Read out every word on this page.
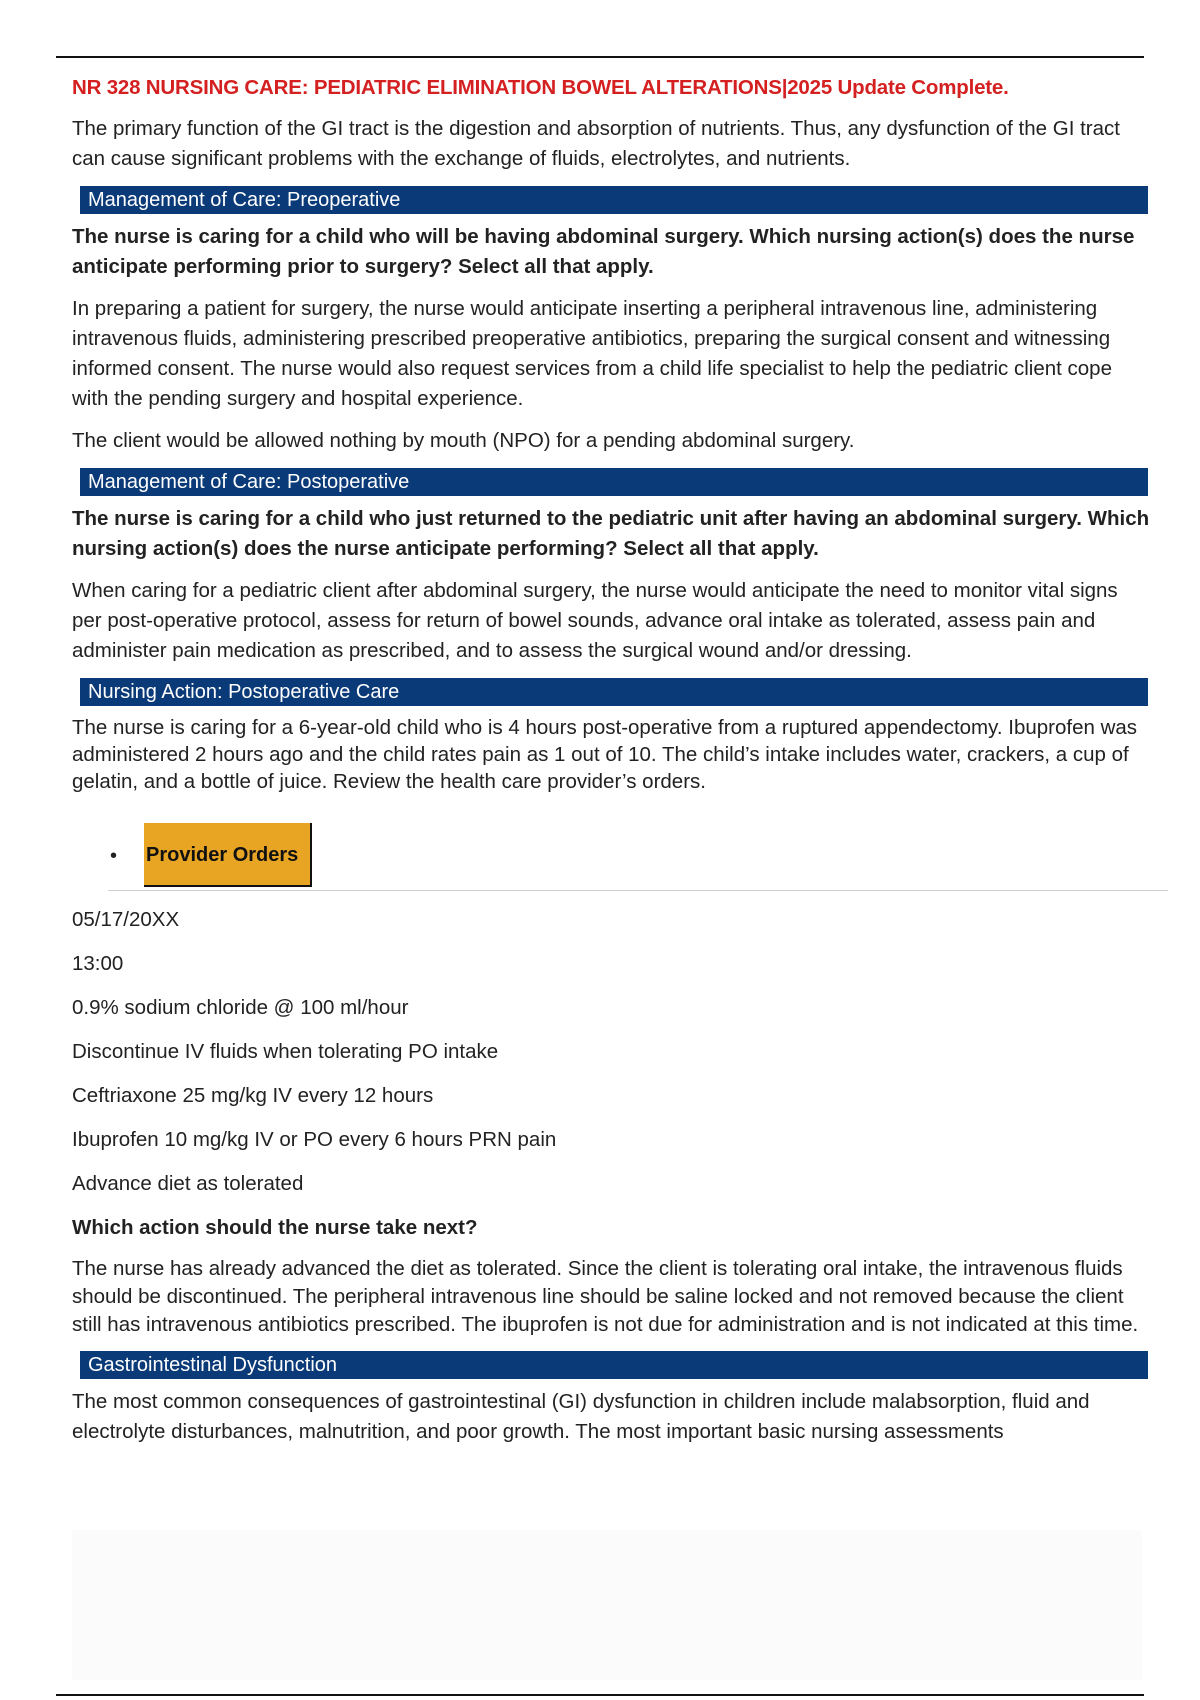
NR 328 NURSING CARE: PEDIATRIC ELIMINATION BOWEL ALTERATIONS|2025 Update Complete.

The primary function of the GI tract is the digestion and absorption of nutrients. Thus, any dysfunction of the GI tract can cause significant problems with the exchange of fluids, electrolytes, and nutrients.

Management of Care: Preoperative

The nurse is caring for a child who will be having abdominal surgery. Which nursing action(s) does the nurse anticipate performing prior to surgery? Select all that apply.

In preparing a patient for surgery, the nurse would anticipate inserting a peripheral intravenous line, administering intravenous fluids, administering prescribed preoperative antibiotics, preparing the surgical consent and witnessing informed consent. The nurse would also request services from a child life specialist to help the pediatric client cope with the pending surgery and hospital experience.

The client would be allowed nothing by mouth (NPO) for a pending abdominal surgery.

Management of Care: Postoperative

The nurse is caring for a child who just returned to the pediatric unit after having an abdominal surgery. Which nursing action(s) does the nurse anticipate performing? Select all that apply.

When caring for a pediatric client after abdominal surgery, the nurse would anticipate the need to monitor vital signs per post-operative protocol, assess for return of bowel sounds, advance oral intake as tolerated, assess pain and administer pain medication as prescribed, and to assess the surgical wound and/or dressing.

Nursing Action: Postoperative Care

The nurse is caring for a 6-year-old child who is 4 hours post-operative from a ruptured appendectomy. Ibuprofen was administered 2 hours ago and the child rates pain as 1 out of 10. The child’s intake includes water, crackers, a cup of gelatin, and a bottle of juice. Review the health care provider’s orders.

• Provider Orders

05/17/20XX

13:00

0.9% sodium chloride @ 100 ml/hour

Discontinue IV fluids when tolerating PO intake

Ceftriaxone 25 mg/kg IV every 12 hours

Ibuprofen 10 mg/kg IV or PO every 6 hours PRN pain

Advance diet as tolerated

Which action should the nurse take next?

The nurse has already advanced the diet as tolerated. Since the client is tolerating oral intake, the intravenous fluids should be discontinued. The peripheral intravenous line should be saline locked and not removed because the client still has intravenous antibiotics prescribed. The ibuprofen is not due for administration and is not indicated at this time.

Gastrointestinal Dysfunction

The most common consequences of gastrointestinal (GI) dysfunction in children include malabsorption, fluid and electrolyte disturbances, malnutrition, and poor growth. The most important basic nursing assessments
